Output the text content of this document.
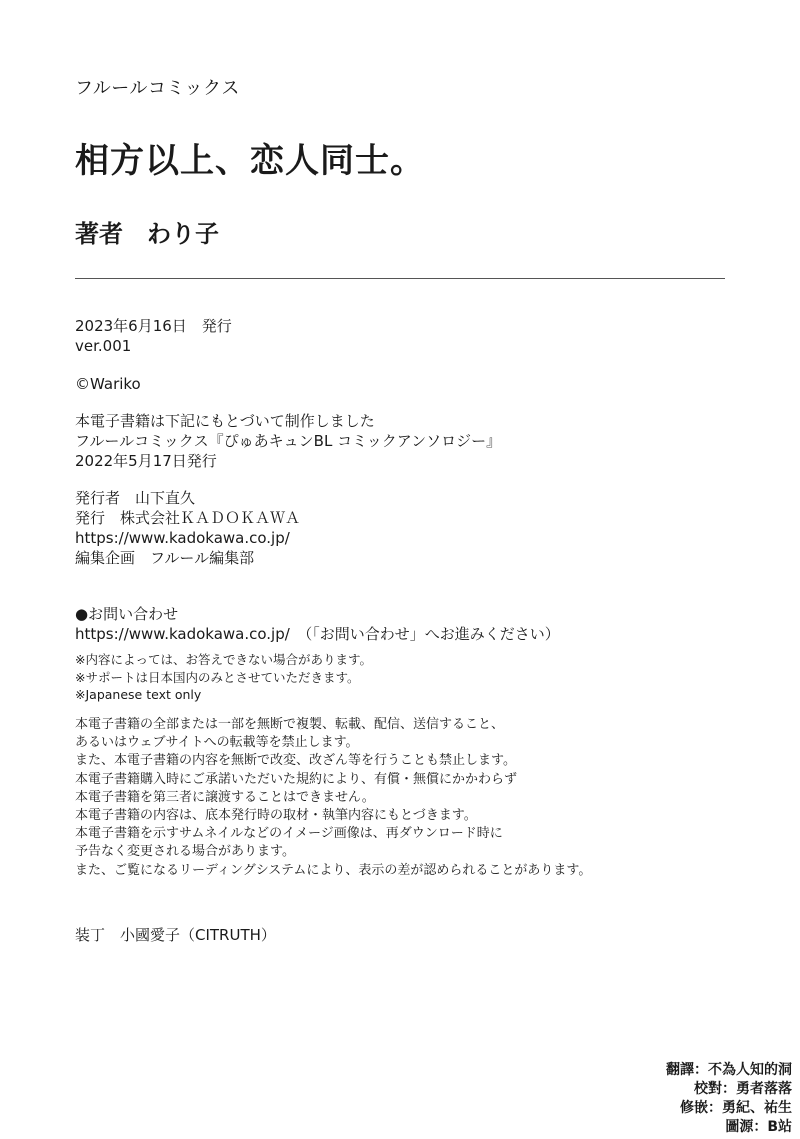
フルールコミックス
相方以上、恋人同士。
著者 わり子
2023年6月16日　発行
ver.001
©Wariko
本電子書籍は下記にもとづいて制作しました
フルールコミックス『ぴゅあキュンBL コミックアンソロジー』
2022年5月17日発行
発行者　山下直久
発行　株式会社ＫＡＤＯＫＡＷＡ
https://www.kadokawa.co.jp/
編集企画　フルール編集部
●お問い合わせ
https://www.kadokawa.co.jp/　（「お問い合わせ」へお進みください）
※内容によっては、お答えできない場合があります。
※サポートは日本国内のみとさせていただきます。
※Japanese text only
本電子書籍の全部または一部を無断で複製、転載、配信、送信すること、
あるいはウェブサイトへの転載等を禁止します。
また、本電子書籍の内容を無断で改変、改ざん等を行うことも禁止します。
本電子書籍購入時にご承諾いただいた規約により、有償・無償にかかわらず
本電子書籍を第三者に譲渡することはできません。
本電子書籍の内容は、底本発行時の取材・執筆内容にもとづきます。
本電子書籍を示すサムネイルなどのイメージ画像は、再ダウンロード時に
予告なく変更される場合があります。
また、ご覧になるリーディングシステムにより、表示の差が認められることがあります。
装丁　小國愛子（CITRUTH）
翻譯：不為人知的洞
校對：勇者落落
修嵌：勇紀、祐生
圖源：B站
